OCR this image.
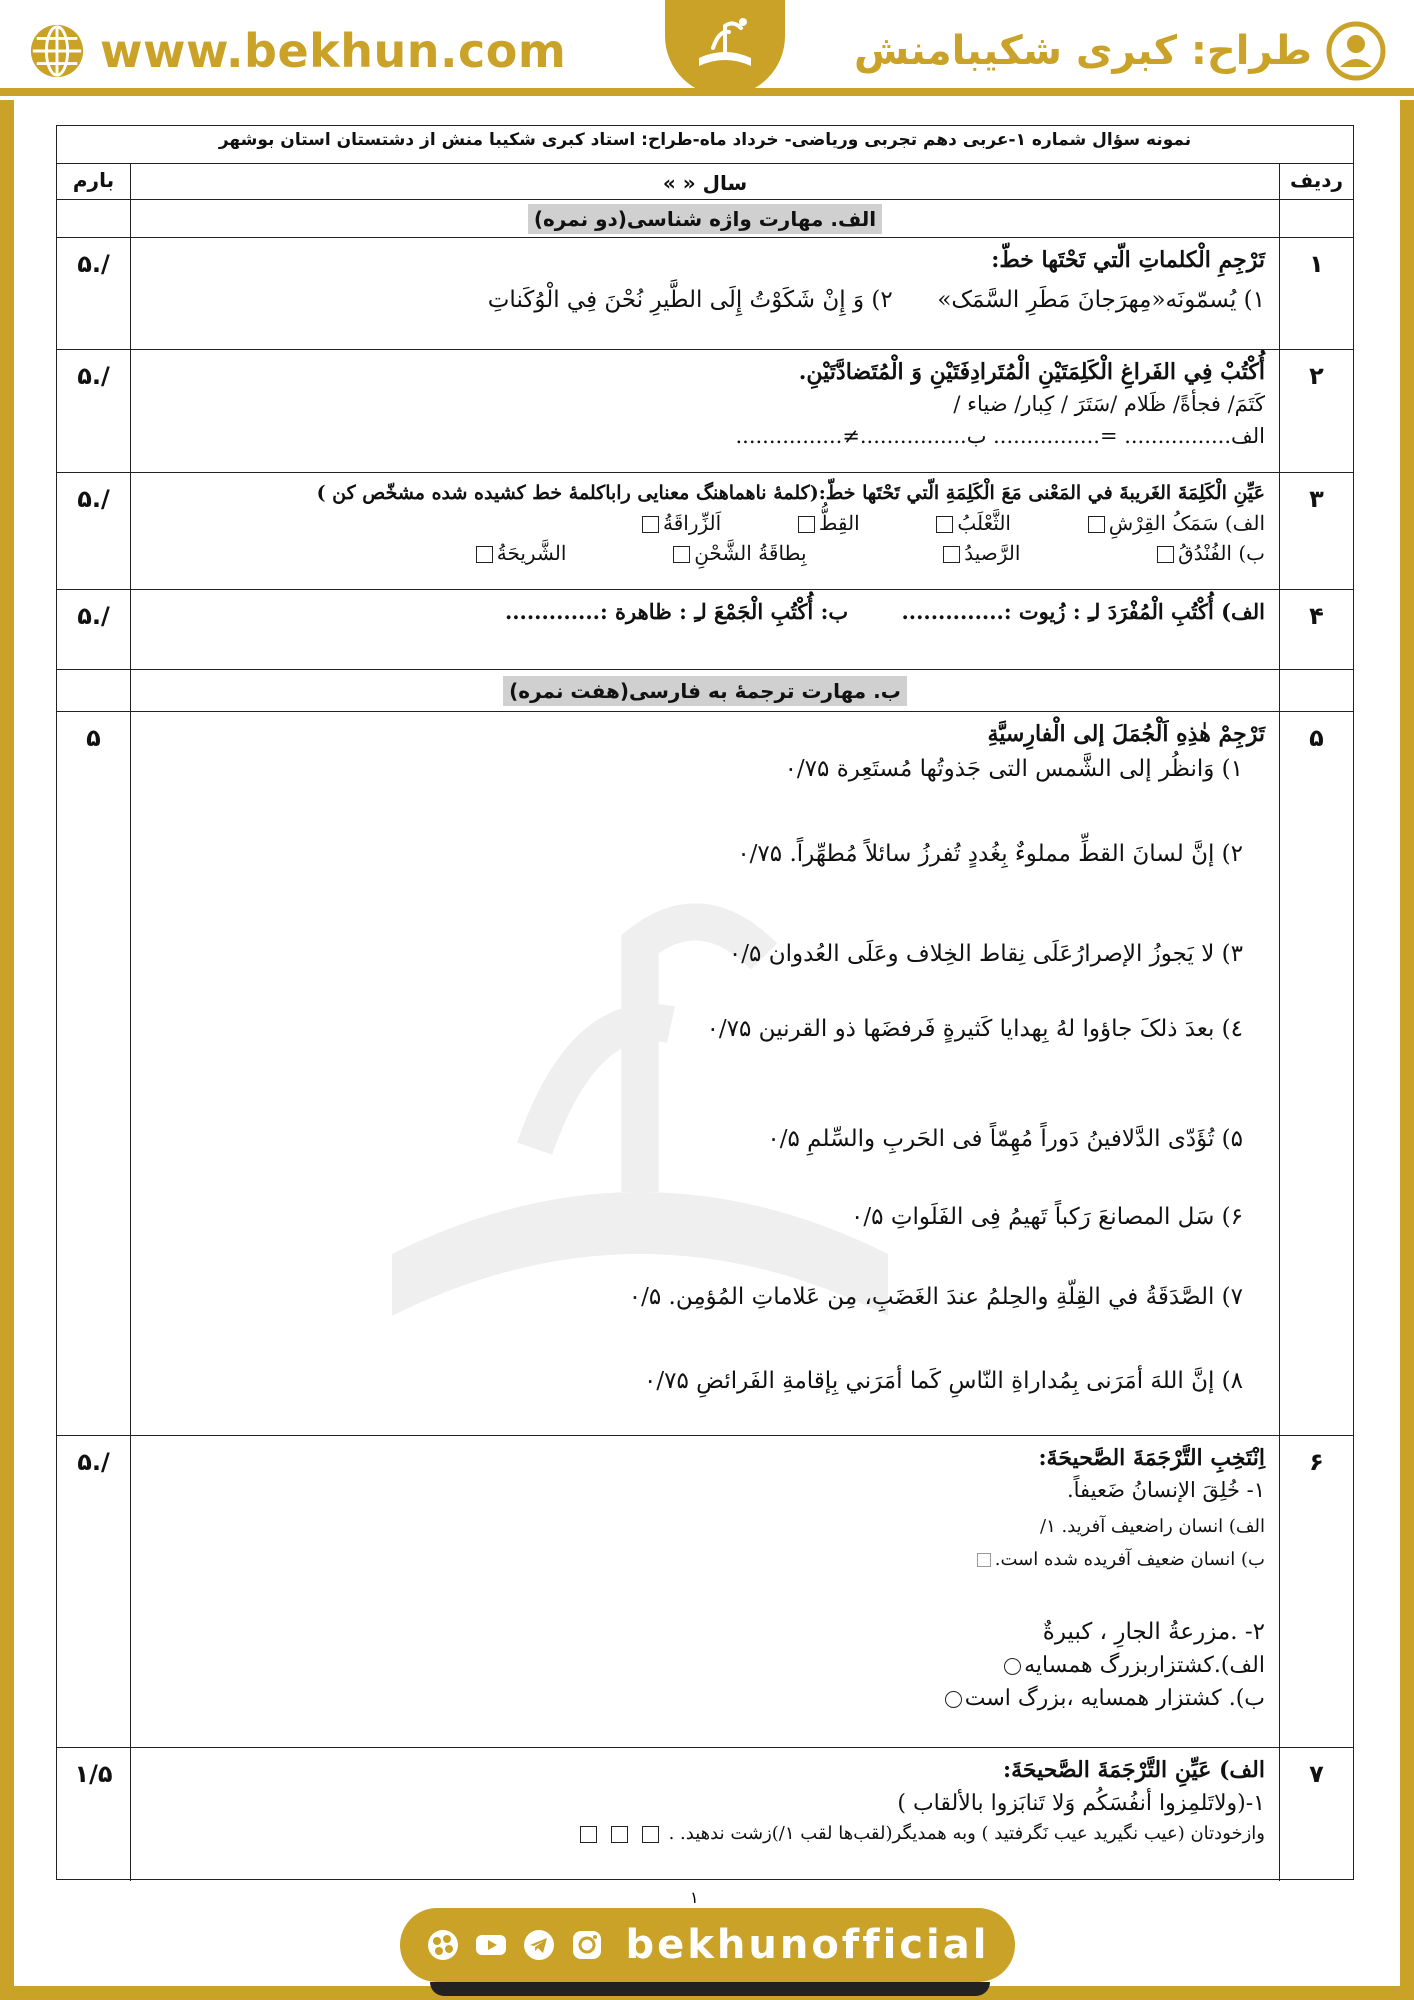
www.bekhun.com	طراح: کبری شکیبامنش
نمونه سؤال شماره ۱-عربی دهم تجربی وریاضی- خرداد ماه-طراح: استاد کبری شکیبا منش از دشتستان استان بوشهر
ردیف
سال « »
بارم
الف. مهارت واژه شناسی(دو نمره)
۱
تَرْجِمِ الْکلماتِ الّتي تَحْتَها خطّ:
۱) یُسمّونَه«مِهرَجانَ مَطَرِ السَّمَک»  ۲) وَ إِنْ شَکَوْتُ إِلَی الطَّيرِ نُحْنَ فِي الْوُکَناتِ
/.۵
۲
أُکْتُبْ فِي الفَراغِ الْکَلِمَتَيْنِ الْمُتَرادِفَتَيْنِ وَ الْمُتَضادَّتَيْنِ.
کَتَمَ/ فجأةً/ ظَلام /سَتَرَ / کِبار/ ضیاء /
الف................ =................ ب................≠................
/.۵
۳
عَيِّنِ الْکَلِمَةَ الغَريبةَ في المَعْنی مَعَ الْکَلِمَةِ الّتي تَحْتَها خطّ:(کلمهٔ ناهماهنگ معنایی راباکلمهٔ خط کشیده شده مشخّص کن )
الف) سَمَکُ القِرْشِ  الثَّعْلَبُ  القِطُّ  اَلزِّراقَةُ
ب) الفُنْدُقُ  الرَّصیدُ  بِطاقَةُ الشَّحْنِ  الشَّریحَةُ
/.۵
۴
الف) أُکْتُبِ الْمُفْرَدَ لـِ : زُيوت :..............  ب: أُکْتُبِ الْجَمْعَ لـِ : ظاهرة :.............
/.۵
ب. مهارت ترجمهٔ به فارسی(هفت نمره)
۵
تَرْجِمْ هٰذِهِ اَلْجُمَلَ إلی الْفارِسیَّةِ
۱) وَانظُر إلی الشَّمس التی جَذوتُها مُستَعِرة ۰/۷۵
۲) إنَّ لسانَ القطِّ مملوءٌ بِغُددٍ تُفرزُ سائلاً مُطهِّراً. ۰/۷۵
۳) لا یَجوزُ الإصرارُعَلَی نِقاط الخِلاف وعَلَی العُدوان ۰/۵
٤) بعدَ ذلکَ جاؤوا لهُ بِهدایا کَثیرةٍ فَرفضَها ذو القرنین ۰/۷۵
۵) تُؤَدّی الدَّلافینُ دَوراً مُهِمّاً فی الحَربِ والسِّلمِ ۰/۵
۶) سَل المصانعَ رَکباً تَهیمُ فِی الفَلَواتِ ۰/۵
۷) الصَّدَقَةُ في القِلّةِ والحِلمُ عندَ الغَضَبِ، مِن عَلاماتِ المُؤمِن. ۰/۵
۸) إنَّ اللهَ أمَرَنی بِمُداراةِ النّاسِ کَما أمَرَني بِإقامةِ الفَرائضِ ۰/۷۵
۵
۶
اِنْتَخِبِ التَّرْجَمَةَ الصَّحيحَةَ:
۱- خُلِقَ الإنسانُ ضَعیفاً.
الف) انسان راضعیف آفرید. ۱/
ب) انسان ضعیف آفریده شده است.
۲- .مزرعةُ الجارِ ، کبیرةٌ
الف).کشتزاربزرگ همسایه
ب). کشتزار همسایه ،بزرگ است
/.۵
۷
الف) عَيِّنِ التَّرْجَمَةَ الصَّحيحَةَ:
۱-(ولاتَلمِزوا أنفُسَکُم وَلا تَنابَزوا بالألقاب )
وازخودتان (عیب نگیرید عیب نَگرفتید ) وبه همدیگر(لقب‌ها لقب ۱/)زشت ندهید. .
۱/۵
۱
bekhunofficial
